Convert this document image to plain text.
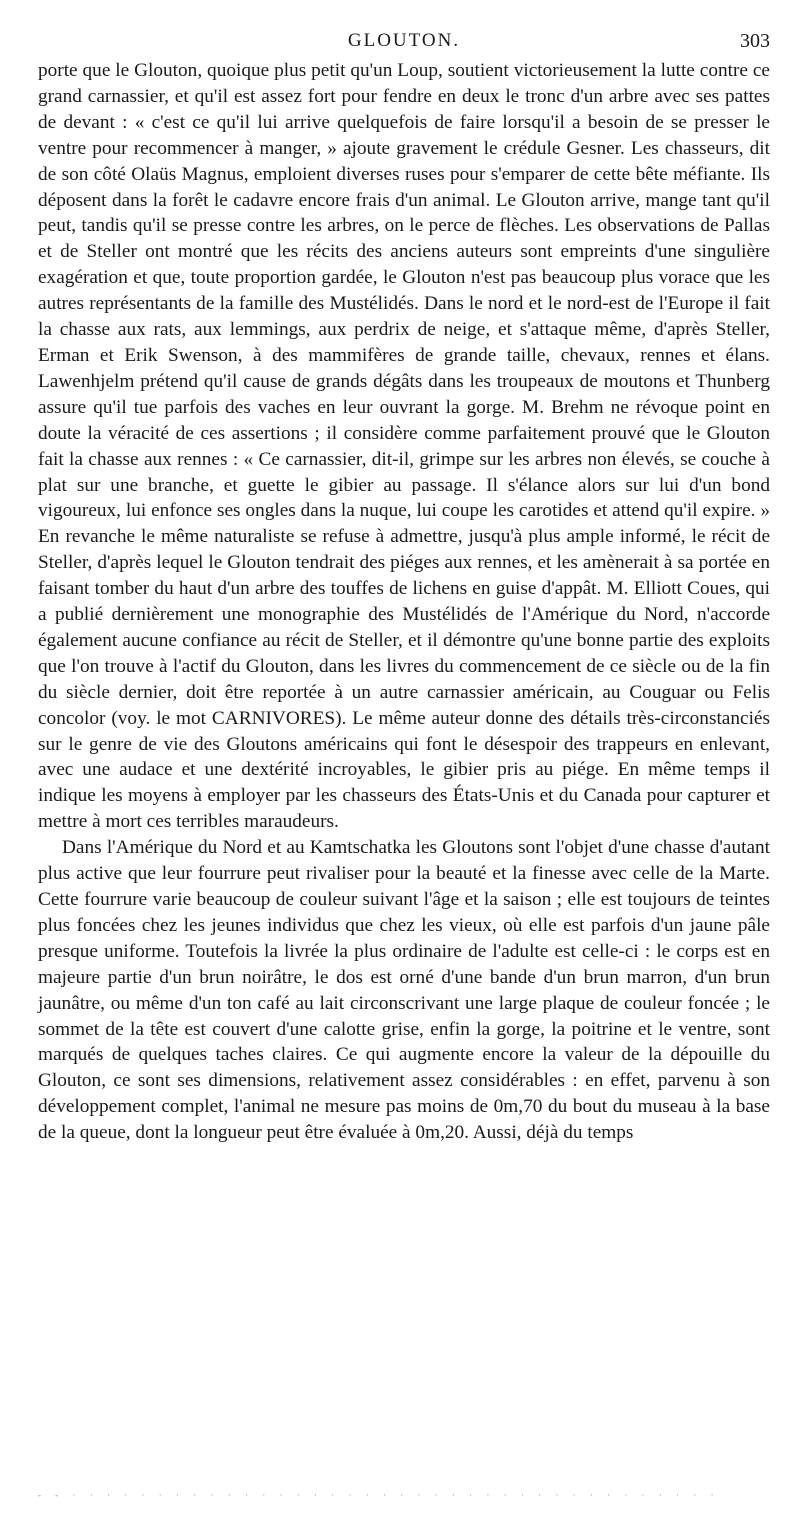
GLOUTON.	303

porte que le Glouton, quoique plus petit qu'un Loup, soutient victorieusement la lutte contre ce grand carnassier, et qu'il est assez fort pour fendre en deux le tronc d'un arbre avec ses pattes de devant : « c'est ce qu'il lui arrive quelquefois de faire lorsqu'il a besoin de se presser le ventre pour recommencer à manger, » ajoute gravement le crédule Gesner. Les chasseurs, dit de son côté Olaüs Magnus, emploient diverses ruses pour s'emparer de cette bête méfiante. Ils déposent dans la forêt le cadavre encore frais d'un animal. Le Glouton arrive, mange tant qu'il peut, tandis qu'il se presse contre les arbres, on le perce de flèches. Les observations de Pallas et de Steller ont montré que les récits des anciens auteurs sont empreints d'une singulière exagération et que, toute proportion gardée, le Glouton n'est pas beaucoup plus vorace que les autres représentants de la famille des Mustélidés. Dans le nord et le nord-est de l'Europe il fait la chasse aux rats, aux lemmings, aux perdrix de neige, et s'attaque même, d'après Steller, Erman et Erik Swenson, à des mammifères de grande taille, chevaux, rennes et élans. Lawenhjelm prétend qu'il cause de grands dégâts dans les troupeaux de moutons et Thunberg assure qu'il tue parfois des vaches en leur ouvrant la gorge. M. Brehm ne révoque point en doute la véracité de ces assertions ; il considère comme parfaitement prouvé que le Glouton fait la chasse aux rennes : « Ce carnassier, dit-il, grimpe sur les arbres non élevés, se couche à plat sur une branche, et guette le gibier au passage. Il s'élance alors sur lui d'un bond vigoureux, lui enfonce ses ongles dans la nuque, lui coupe les carotides et attend qu'il expire. » En revanche le même naturaliste se refuse à admettre, jusqu'à plus ample informé, le récit de Steller, d'après lequel le Glouton tendrait des piéges aux rennes, et les amènerait à sa portée en faisant tomber du haut d'un arbre des touffes de lichens en guise d'appât. M. Elliott Coues, qui a publié dernièrement une monographie des Mustélidés de l'Amérique du Nord, n'accorde également aucune confiance au récit de Steller, et il démontre qu'une bonne partie des exploits que l'on trouve à l'actif du Glouton, dans les livres du commencement de ce siècle ou de la fin du siècle dernier, doit être reportée à un autre carnassier américain, au Couguar ou Felis concolor (voy. le mot CARNIVORES). Le même auteur donne des détails très-circonstanciés sur le genre de vie des Gloutons américains qui font le désespoir des trappeurs en enlevant, avec une audace et une dextérité incroyables, le gibier pris au piége. En même temps il indique les moyens à employer par les chasseurs des États-Unis et du Canada pour capturer et mettre à mort ces terribles maraudeurs.

Dans l'Amérique du Nord et au Kamtschatka les Gloutons sont l'objet d'une chasse d'autant plus active que leur fourrure peut rivaliser pour la beauté et la finesse avec celle de la Marte. Cette fourrure varie beaucoup de couleur suivant l'âge et la saison ; elle est toujours de teintes plus foncées chez les jeunes individus que chez les vieux, où elle est parfois d'un jaune pâle presque uniforme. Toutefois la livrée la plus ordinaire de l'adulte est celle-ci : le corps est en majeure partie d'un brun noirâtre, le dos est orné d'une bande d'un brun marron, d'un brun jaunâtre, ou même d'un ton café au lait circonscrivant une large plaque de couleur foncée ; le sommet de la tête est couvert d'une calotte grise, enfin la gorge, la poitrine et le ventre, sont marqués de quelques taches claires. Ce qui augmente encore la valeur de la dépouille du Glouton, ce sont ses dimensions, relativement assez considérables : en effet, parvenu à son développement complet, l'animal ne mesure pas moins de 0m,70 du bout du museau à la base de la queue, dont la longueur peut être évaluée à 0m,20. Aussi, déjà du temps

- - · · · · · · · · · · · · · · · · · · · · · · · · · · · · · · · · · · · · · ·
